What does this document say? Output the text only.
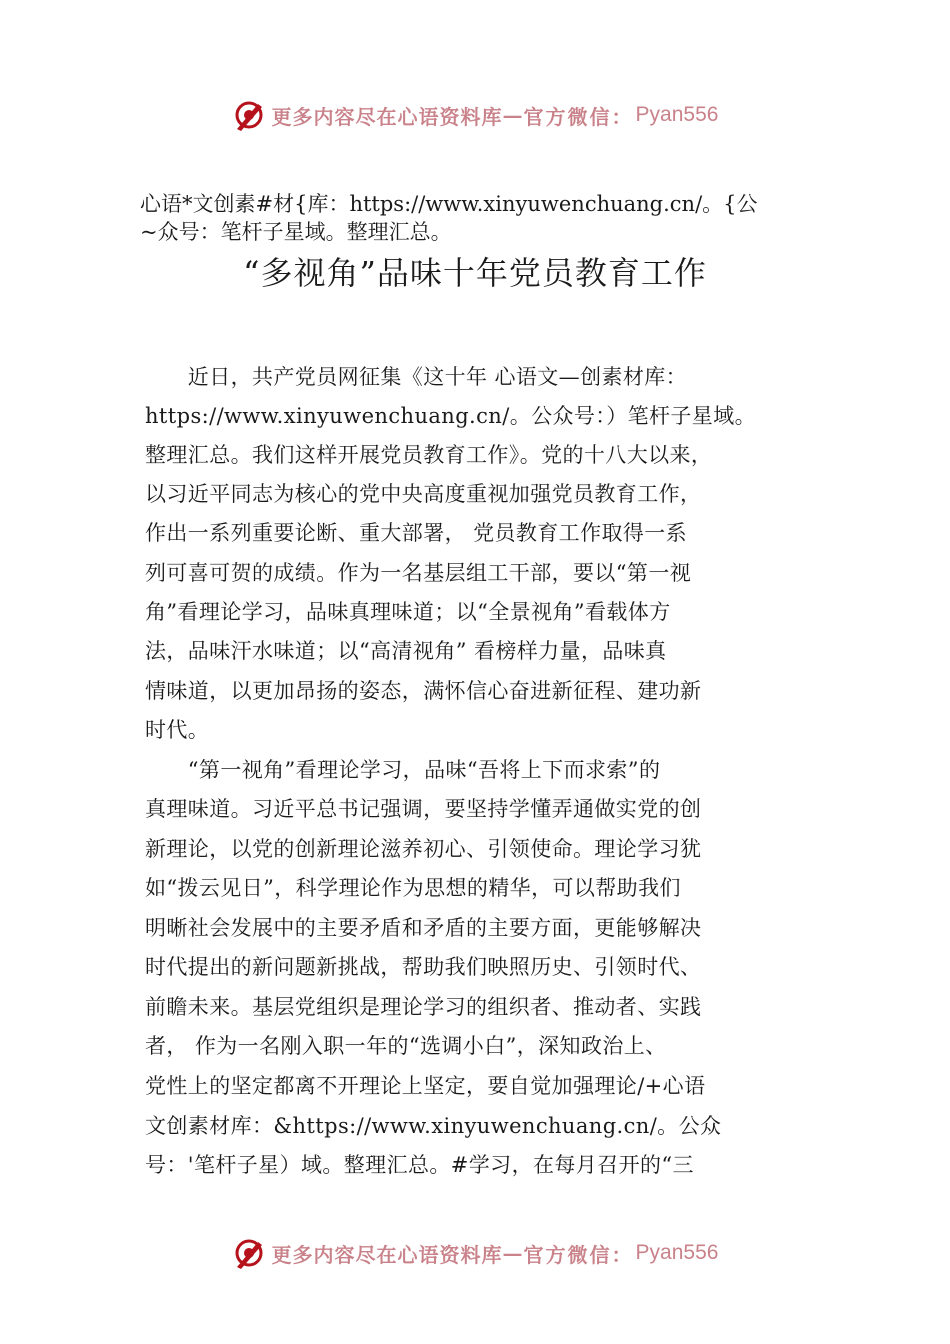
更多内容尽在心语资料库 — 官方微信： Pyan556
心语*文创素#材{库：https://www.xinyuwenchuang.cn/。{公
~众号：笔杆子星域。整理汇总。
“多视角”品味十年党员教育工作

　　近日，共产党员网征集《这十年 心语文—创素材库：

https://www.xinyuwenchuang.cn/。公众号：）笔杆子星域。

整理汇总。我们这样开展党员教育工作》。党的十八大以来，

以习近平同志为核心的党中央高度重视加强党员教育工作，

作出一系列重要论断、重大部署， 党员教育工作取得一系

列可喜可贺的成绩。作为一名基层组工干部，要以“第一视

角”看理论学习，品味真理味道；以“全景视角”看载体方

法，品味汗水味道；以“高清视角” 看榜样力量，品味真

情味道，以更加昂扬的姿态，满怀信心奋进新征程、建功新

时代。

　　“第一视角”看理论学习，品味“吾将上下而求索”的

真理味道。习近平总书记强调，要坚持学懂弄通做实党的创

新理论，以党的创新理论滋养初心、引领使命。理论学习犹

如“拨云见日”，科学理论作为思想的精华，可以帮助我们

明晰社会发展中的主要矛盾和矛盾的主要方面，更能够解决

时代提出的新问题新挑战，帮助我们映照历史、引领时代、

前瞻未来。基层党组织是理论学习的组织者、推动者、实践

者， 作为一名刚入职一年的“选调小白”，深知政治上、

党性上的坚定都离不开理论上坚定，要自觉加强理论/+心语

文创素材库：&https://www.xinyuwenchuang.cn/。公众

号：'笔杆子星）域。整理汇总。#学习，在每月召开的“三

更多内容尽在心语资料库 — 官方微信： Pyan556
